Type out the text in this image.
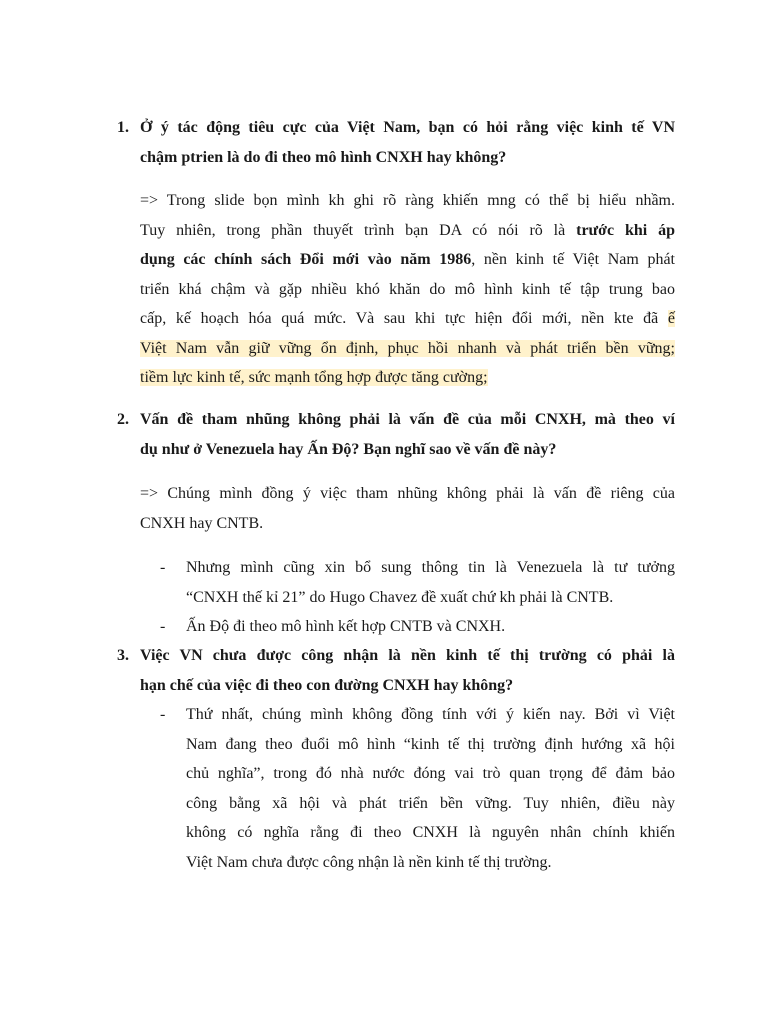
1. Ở ý tác động tiêu cực của Việt Nam, bạn có hỏi rằng việc kinh tế VN
chậm ptrien là do đi theo mô hình CNXH hay không?
=> Trong slide bọn mình kh ghi rõ ràng khiến mng có thể bị hiểu nhầm.
Tuy nhiên, trong phần thuyết trình bạn DA có nói rõ là trước khi áp
dụng các chính sách Đổi mới vào năm 1986, nền kinh tế Việt Nam phát
triển khá chậm và gặp nhiều khó khăn do mô hình kinh tế tập trung bao
cấp, kế hoạch hóa quá mức. Và sau khi tực hiện đổi mới, nền kte đã ế
Việt Nam vẫn giữ vững ổn định, phục hồi nhanh và phát triển bền vững;
tiềm lực kinh tế, sức mạnh tổng hợp được tăng cường;
2. Vấn đề tham nhũng không phải là vấn đề của mỗi CNXH, mà theo ví
dụ như ở Venezuela hay Ấn Độ? Bạn nghĩ sao về vấn đề này?
=> Chúng mình đồng ý việc tham nhũng không phải là vấn đề riêng của
CNXH hay CNTB.
- Nhưng mình cũng xin bổ sung thông tin là Venezuela là tư tưởng
“CNXH thế kỉ 21” do Hugo Chavez đề xuất chứ kh phải là CNTB.
- Ấn Độ đi theo mô hình kết hợp CNTB và CNXH.
3. Việc VN chưa được công nhận là nền kinh tế thị trường có phải là
hạn chế của việc đi theo con đường CNXH hay không?
- Thứ nhất, chúng mình không đồng tính với ý kiến nay. Bởi vì Việt
Nam đang theo đuổi mô hình “kinh tế thị trường định hướng xã hội
chủ nghĩa”, trong đó nhà nước đóng vai trò quan trọng để đảm bảo
công bằng xã hội và phát triển bền vững. Tuy nhiên, điều này
không có nghĩa rằng đi theo CNXH là nguyên nhân chính khiến
Việt Nam chưa được công nhận là nền kinh tế thị trường.
